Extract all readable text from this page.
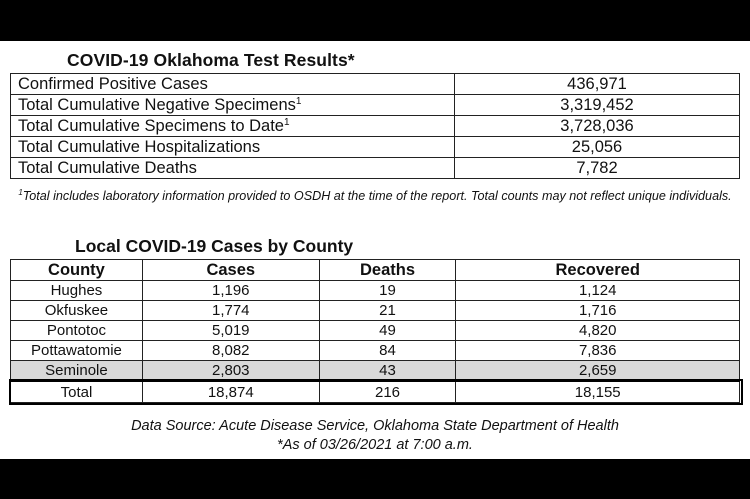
COVID-19 Oklahoma Test Results*
Confirmed Positive Cases	436,971
Total Cumulative Negative Specimens$^1$	3,319,452
Total Cumulative Specimens to Date$^1$	3,728,036
Total Cumulative Hospitalizations	25,056
Total Cumulative Deaths	7,782
$^1$Total includes laboratory information provided to OSDH at the time of the report. Total counts may not reflect unique individuals.
Local COVID-19 Cases by County
County	Cases	Deaths	Recovered
Hughes	1,196	19	1,124
Okfuskee	1,774	21	1,716
Pontotoc	5,019	49	4,820
Pottawatomie	8,082	84	7,836
Seminole	2,803	43	2,659
Total	18,874	216	18,155
Data Source: Acute Disease Service, Oklahoma State Department of Health
*As of 03/26/2021 at 7:00 a.m.
